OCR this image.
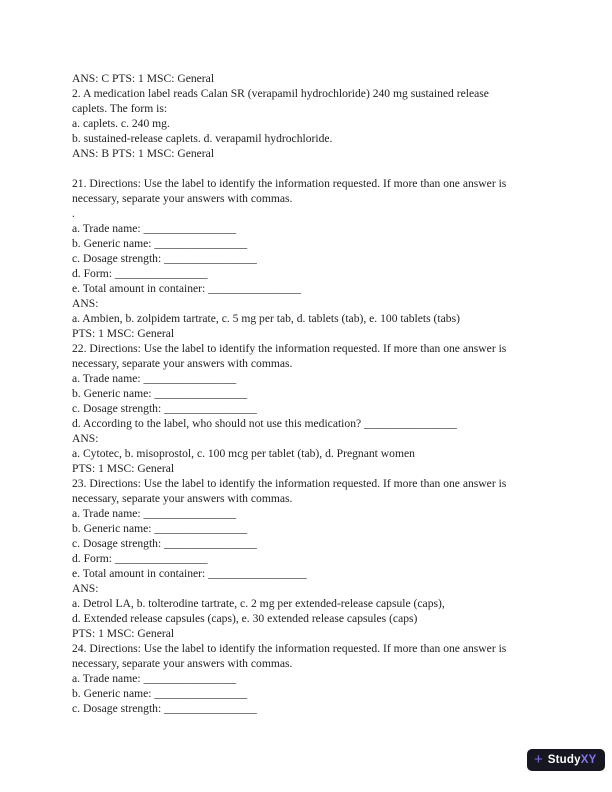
ANS: C PTS: 1 MSC: General
2. A medication label reads Calan SR (verapamil hydrochloride) 240 mg sustained release
caplets. The form is:
a. caplets. c. 240 mg.
b. sustained-release caplets. d. verapamil hydrochloride.
ANS: B PTS: 1 MSC: General

21. Directions: Use the label to identify the information requested. If more than one answer is
necessary, separate your answers with commas.
.
a. Trade name: ________________
b. Generic name: ________________
c. Dosage strength: ________________
d. Form: ________________
e. Total amount in container: ________________
ANS:
a. Ambien, b. zolpidem tartrate, c. 5 mg per tab, d. tablets (tab), e. 100 tablets (tabs)
PTS: 1 MSC: General
22. Directions: Use the label to identify the information requested. If more than one answer is
necessary, separate your answers with commas.
a. Trade name: ________________
b. Generic name: ________________
c. Dosage strength: ________________
d. According to the label, who should not use this medication? ________________
ANS:
a. Cytotec, b. misoprostol, c. 100 mcg per tablet (tab), d. Pregnant women
PTS: 1 MSC: General
23. Directions: Use the label to identify the information requested. If more than one answer is
necessary, separate your answers with commas.
a. Trade name: ________________
b. Generic name: ________________
c. Dosage strength: ________________
d. Form: ________________
e. Total amount in container: _________________
ANS:
a. Detrol LA, b. tolterodine tartrate, c. 2 mg per extended-release capsule (caps),
d. Extended release capsules (caps), e. 30 extended release capsules (caps)
PTS: 1 MSC: General
24. Directions: Use the label to identify the information requested. If more than one answer is
necessary, separate your answers with commas.
a. Trade name: ________________
b. Generic name: ________________
c. Dosage strength: ________________
+ Study XY
